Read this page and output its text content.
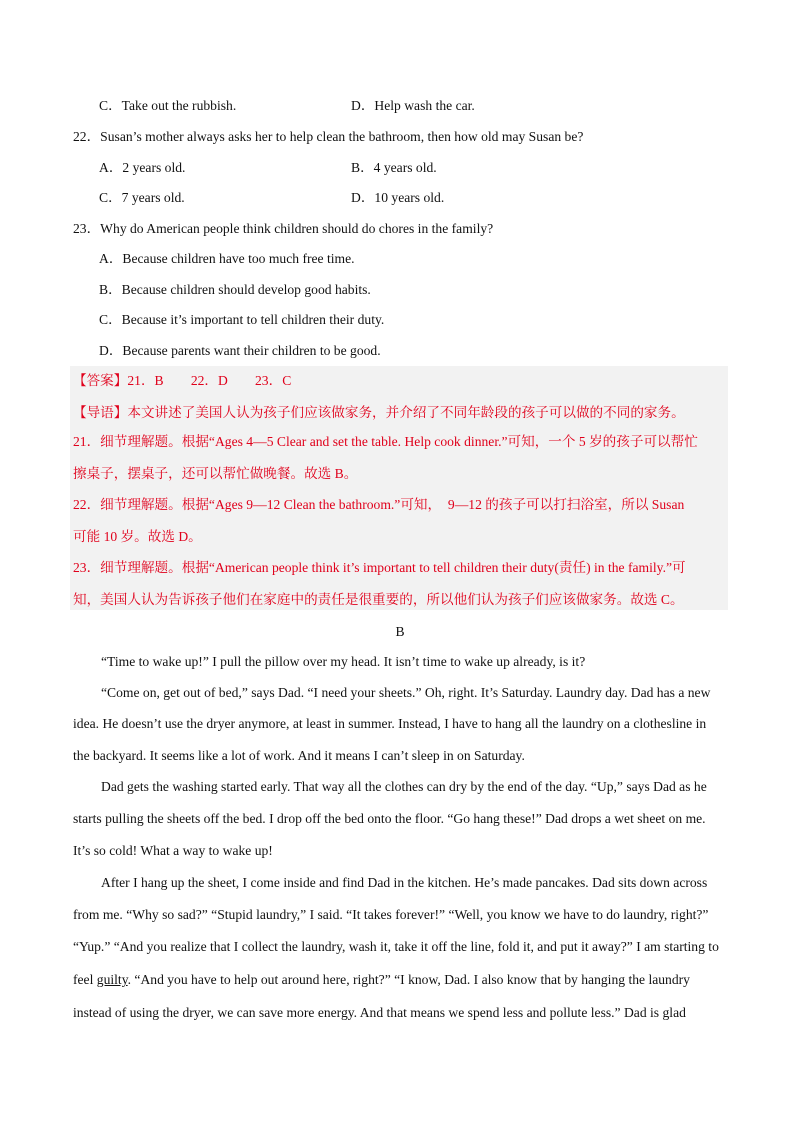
C．Take out the rubbish.	D．Help wash the car.
22．Susan’s mother always asks her to help clean the bathroom, then how old may Susan be?
A．2 years old.	B．4 years old.
C．7 years old.	D．10 years old.
23．Why do American people think children should do chores in the family?
A．Because children have too much free time.
B．Because children should develop good habits.
C．Because it’s important to tell children their duty.
D．Because parents want their children to be good.
【答案】21．B　　22．D　　23．C
【导语】本文讲述了美国人认为孩子们应该做家务，并介绍了不同年龄段的孩子可以做的不同的家务。
21．细节理解题。根据“Ages 4—5 Clear and set the table. Help cook dinner.”可知，一个 5 岁的孩子可以帮忙
擦桌子，摆桌子，还可以帮忙做晚餐。故选 B。
22．细节理解题。根据“Ages 9—12 Clean the bathroom.”可知，　9—12 的孩子可以打扫浴室，所以 Susan
可能 10 岁。故选 D。
23．细节理解题。根据“American people think it’s important to tell children their duty(责任) in the family.”可
知，美国人认为告诉孩子他们在家庭中的责任是很重要的，所以他们认为孩子们应该做家务。故选 C。
B
“Time to wake up!” I pull the pillow over my head. It isn’t time to wake up already, is it?
“Come on, get out of bed,” says Dad. “I need your sheets.” Oh, right. It’s Saturday. Laundry day. Dad has a new
idea. He doesn’t use the dryer anymore, at least in summer. Instead, I have to hang all the laundry on a clothesline in
the backyard. It seems like a lot of work. And it means I can’t sleep in on Saturday.
Dad gets the washing started early. That way all the clothes can dry by the end of the day. “Up,” says Dad as he
starts pulling the sheets off the bed. I drop off the bed onto the floor. “Go hang these!” Dad drops a wet sheet on me.
It’s so cold! What a way to wake up!
After I hang up the sheet, I come inside and find Dad in the kitchen. He’s made pancakes. Dad sits down across
from me. “Why so sad?” “Stupid laundry,” I said. “It takes forever!” “Well, you know we have to do laundry, right?”
“Yup.” “And you realize that I collect the laundry, wash it, take it off the line, fold it, and put it away?” I am starting to
feel guilty. “And you have to help out around here, right?” “I know, Dad. I also know that by hanging the laundry
instead of using the dryer, we can save more energy. And that means we spend less and pollute less.” Dad is glad
